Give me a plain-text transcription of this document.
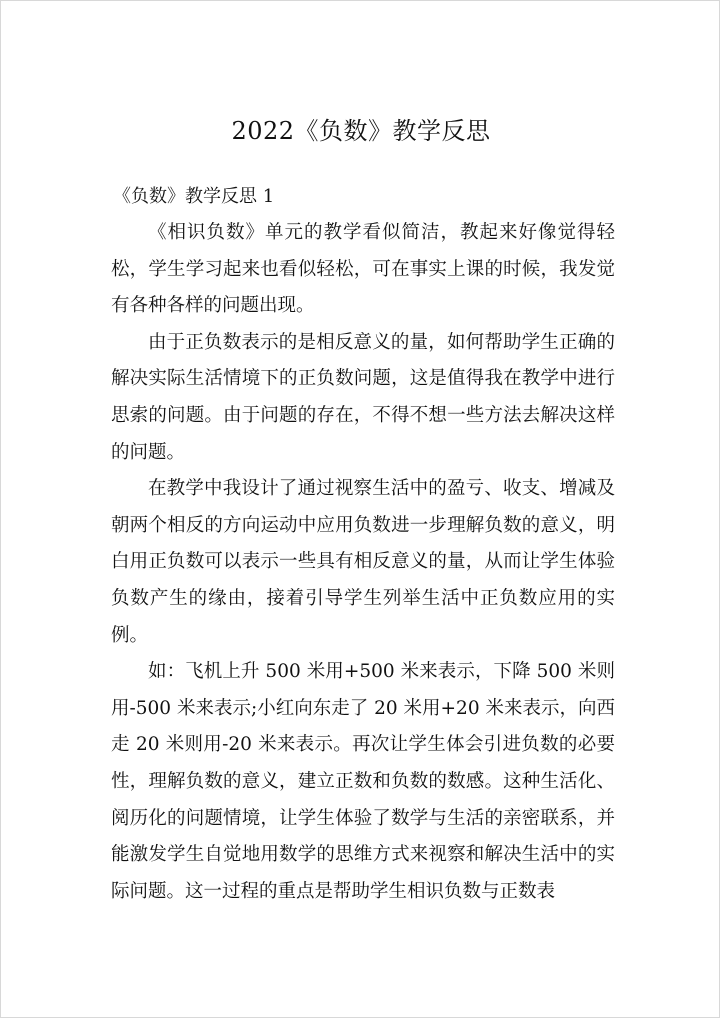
2022《负数》教学反思
《负数》教学反思 1

《相识负数》单元的教学看似简洁，教起来好像觉得轻松，学生学习起来也看似轻松，可在事实上课的时候，我发觉有各种各样的问题出现。

由于正负数表示的是相反意义的量，如何帮助学生正确的解决实际生活情境下的正负数问题，这是值得我在教学中进行思索的问题。由于问题的存在，不得不想一些方法去解决这样的问题。

在教学中我设计了通过视察生活中的盈亏、收支、增减及朝两个相反的方向运动中应用负数进一步理解负数的意义，明白用正负数可以表示一些具有相反意义的量，从而让学生体验负数产生的缘由，接着引导学生列举生活中正负数应用的实例。

如：飞机上升 500 米用+500 米来表示，下降 500 米则用-500 米来表示;小红向东走了 20 米用+20 米来表示，向西走 20 米则用-20 米来表示。再次让学生体会引进负数的必要性，理解负数的意义，建立正数和负数的数感。这种生活化、阅历化的问题情境，让学生体验了数学与生活的亲密联系，并能激发学生自觉地用数学的思维方式来视察和解决生活中的实际问题。这一过程的重点是帮助学生相识负数与正数表
